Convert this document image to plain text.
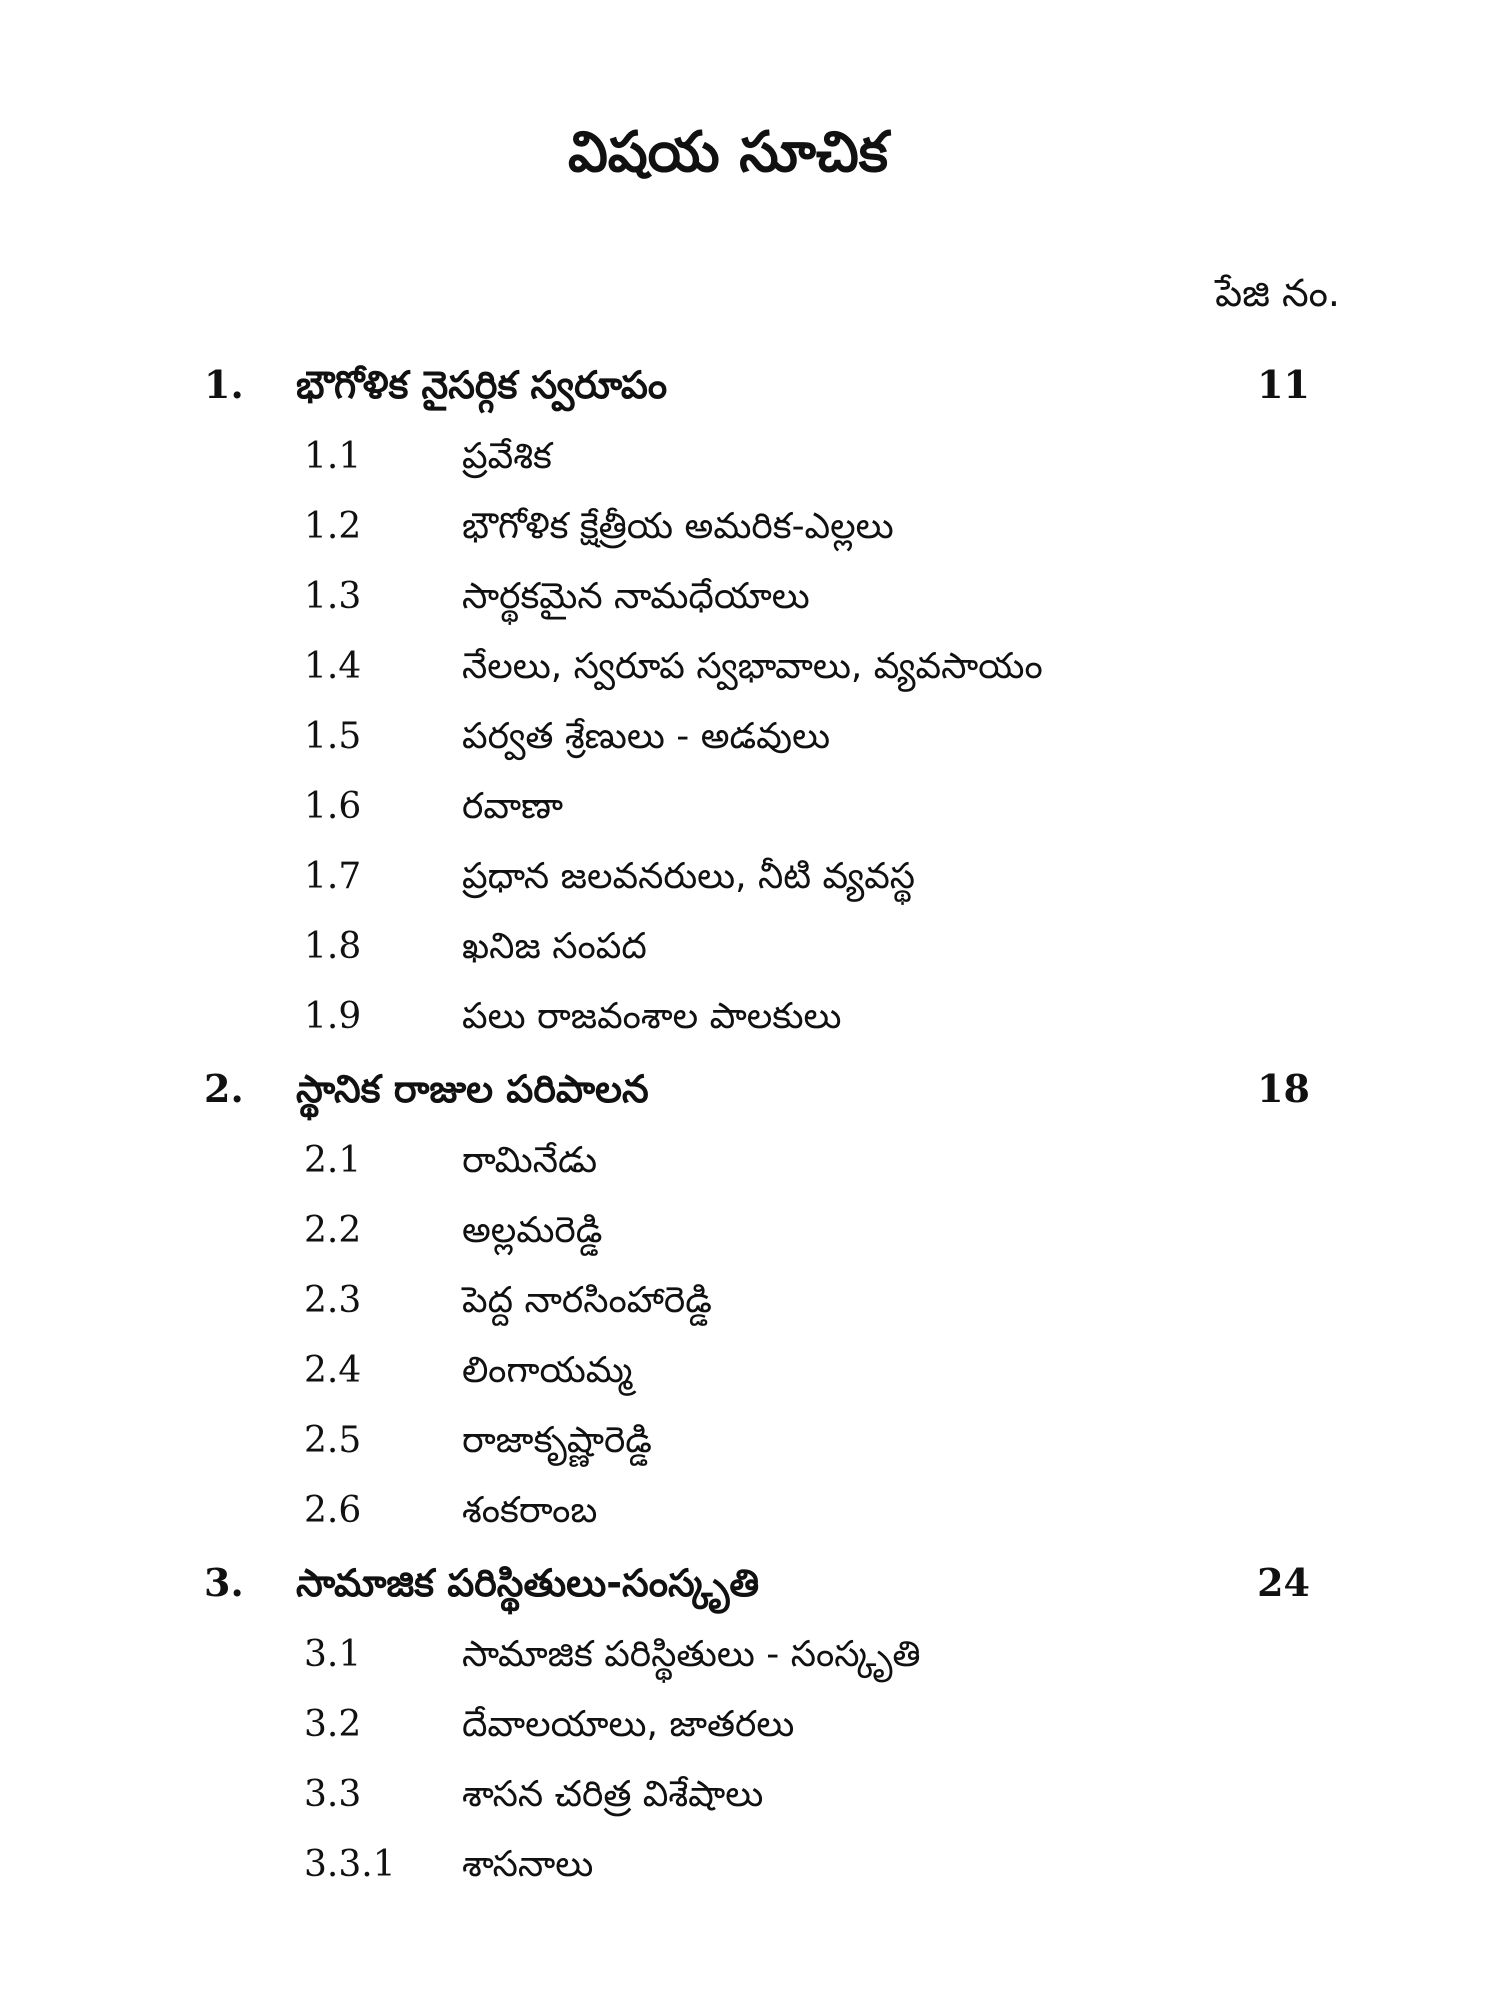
విషయ సూచిక
పేజి నం.
1. భౌగోళిక నైసర్గిక స్వరూపం	11
1.1	ప్రవేశిక
1.2	భౌగోళిక క్షేత్రీయ అమరిక-ఎల్లలు
1.3	సార్థకమైన నామధేయాలు
1.4	నేలలు, స్వరూప స్వభావాలు, వ్యవసాయం
1.5	పర్వత శ్రేణులు - అడవులు
1.6	రవాణా
1.7	ప్రధాన జలవనరులు, నీటి వ్యవస్థ
1.8	ఖనిజ సంపద
1.9	పలు రాజవంశాల పాలకులు
2. స్థానిక రాజుల పరిపాలన	18
2.1	రామినేడు
2.2	అల్లమరెడ్డి
2.3	పెద్ద నారసింహారెడ్డి
2.4	లింగాయమ్మ
2.5	రాజాకృష్ణారెడ్డి
2.6	శంకరాంబ
3. సామాజిక పరిస్థితులు-సంస్కృతి	24
3.1	సామాజిక పరిస్థితులు - సంస్కృతి
3.2	దేవాలయాలు, జాతరలు
3.3	శాసన చరిత్ర విశేషాలు
3.3.1 శాసనాలు
